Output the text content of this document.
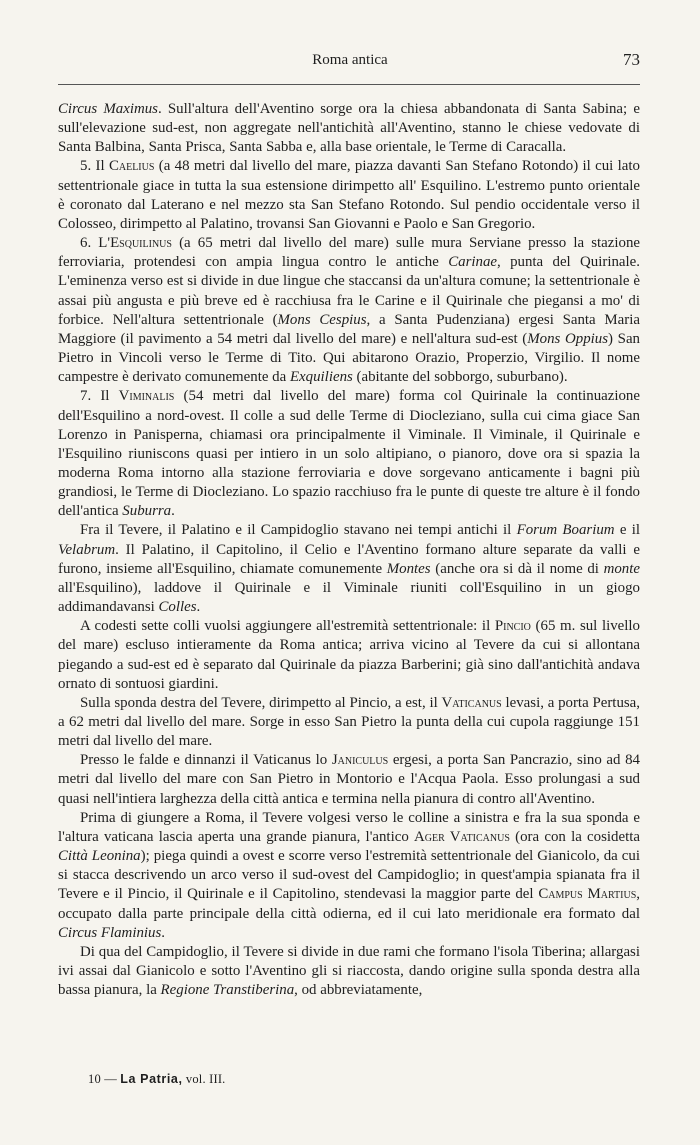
Roma antica	73

Circus Maximus. Sull'altura dell'Aventino sorge ora la chiesa abbandonata di Santa Sabina; e sull'elevazione sud-est, non aggregate nell'antichità all'Aventino, stanno le chiese vedovate di Santa Balbina, Santa Prisca, Santa Sabba e, alla base orientale, le Terme di Caracalla.

5. Il Caelius (a 48 metri dal livello del mare, piazza davanti San Stefano Rotondo) il cui lato settentrionale giace in tutta la sua estensione dirimpetto all' Esquilino. L'estremo punto orientale è coronato dal Laterano e nel mezzo sta San Stefano Rotondo. Sul pendio occidentale verso il Colosseo, dirimpetto al Palatino, trovansi San Giovanni e Paolo e San Gregorio.

6. L'Esquilinus (a 65 metri dal livello del mare) sulle mura Serviane presso la stazione ferroviaria, protendesi con ampia lingua contro le antiche Carinae, punta del Quirinale. L'eminenza verso est si divide in due lingue che staccansi da un'altura comune; la settentrionale è assai più angusta e più breve ed è racchiusa fra le Carine e il Quirinale che piegansi a mo' di forbice. Nell'altura settentrionale (Mons Cespius, a Santa Pudenziana) ergesi Santa Maria Maggiore (il pavimento a 54 metri dal livello del mare) e nell'altura sud-est (Mons Oppius) San Pietro in Vincoli verso le Terme di Tito. Qui abitarono Orazio, Properzio, Virgilio. Il nome campestre è derivato comunemente da Exquiliens (abitante del sobborgo, suburbano).

7. Il Viminalis (54 metri dal livello del mare) forma col Quirinale la continuazione dell'Esquilino a nord-ovest. Il colle a sud delle Terme di Diocleziano, sulla cui cima giace San Lorenzo in Panisperna, chiamasi ora principalmente il Viminale. Il Viminale, il Quirinale e l'Esquilino riuniscons quasi per intiero in un solo altipiano, o pianoro, dove ora si spazia la moderna Roma intorno alla stazione ferroviaria e dove sorgevano anticamente i bagni più grandiosi, le Terme di Diocleziano. Lo spazio racchiuso fra le punte di queste tre alture è il fondo dell'antica Suburra.

Fra il Tevere, il Palatino e il Campidoglio stavano nei tempi antichi il Forum Boarium e il Velabrum. Il Palatino, il Capitolino, il Celio e l'Aventino formano alture separate da valli e furono, insieme all'Esquilino, chiamate comunemente Montes (anche ora si dà il nome di monte all'Esquilino), laddove il Quirinale e il Viminale riuniti coll'Esquilino in un giogo addimandavansi Colles.

A codesti sette colli vuolsi aggiungere all'estremità settentrionale: il Pincio (65 m. sul livello del mare) escluso intieramente da Roma antica; arriva vicino al Tevere da cui si allontana piegando a sud-est ed è separato dal Quirinale da piazza Barberini; già sino dall'antichità andava ornato di sontuosi giardini.

Sulla sponda destra del Tevere, dirimpetto al Pincio, a est, il Vaticanus levasi, a porta Pertusa, a 62 metri dal livello del mare. Sorge in esso San Pietro la punta della cui cupola raggiunge 151 metri dal livello del mare.

Presso le falde e dinnanzi il Vaticanus lo Janiculus ergesi, a porta San Pancrazio, sino ad 84 metri dal livello del mare con San Pietro in Montorio e l'Acqua Paola. Esso prolungasi a sud quasi nell'intiera larghezza della città antica e termina nella pianura di contro all'Aventino.

Prima di giungere a Roma, il Tevere volgesi verso le colline a sinistra e fra la sua sponda e l'altura vaticana lascia aperta una grande pianura, l'antico Ager Vaticanus (ora con la cosidetta Città Leonina); piega quindi a ovest e scorre verso l'estremità settentrionale del Gianicolo, da cui si stacca descrivendo un arco verso il sud-ovest del Campidoglio; in quest'ampia spianata fra il Tevere e il Pincio, il Quirinale e il Capitolino, stendevasi la maggior parte del Campus Martius, occupato dalla parte principale della città odierna, ed il cui lato meridionale era formato dal Circus Flaminius.

Di qua del Campidoglio, il Tevere si divide in due rami che formano l'isola Tiberina; allargasi ivi assai dal Gianicolo e sotto l'Aventino gli si riaccosta, dando origine sulla sponda destra alla bassa pianura, la Regione Transtiberina, od abbreviatamente,

10 — La Patria, vol. III.
